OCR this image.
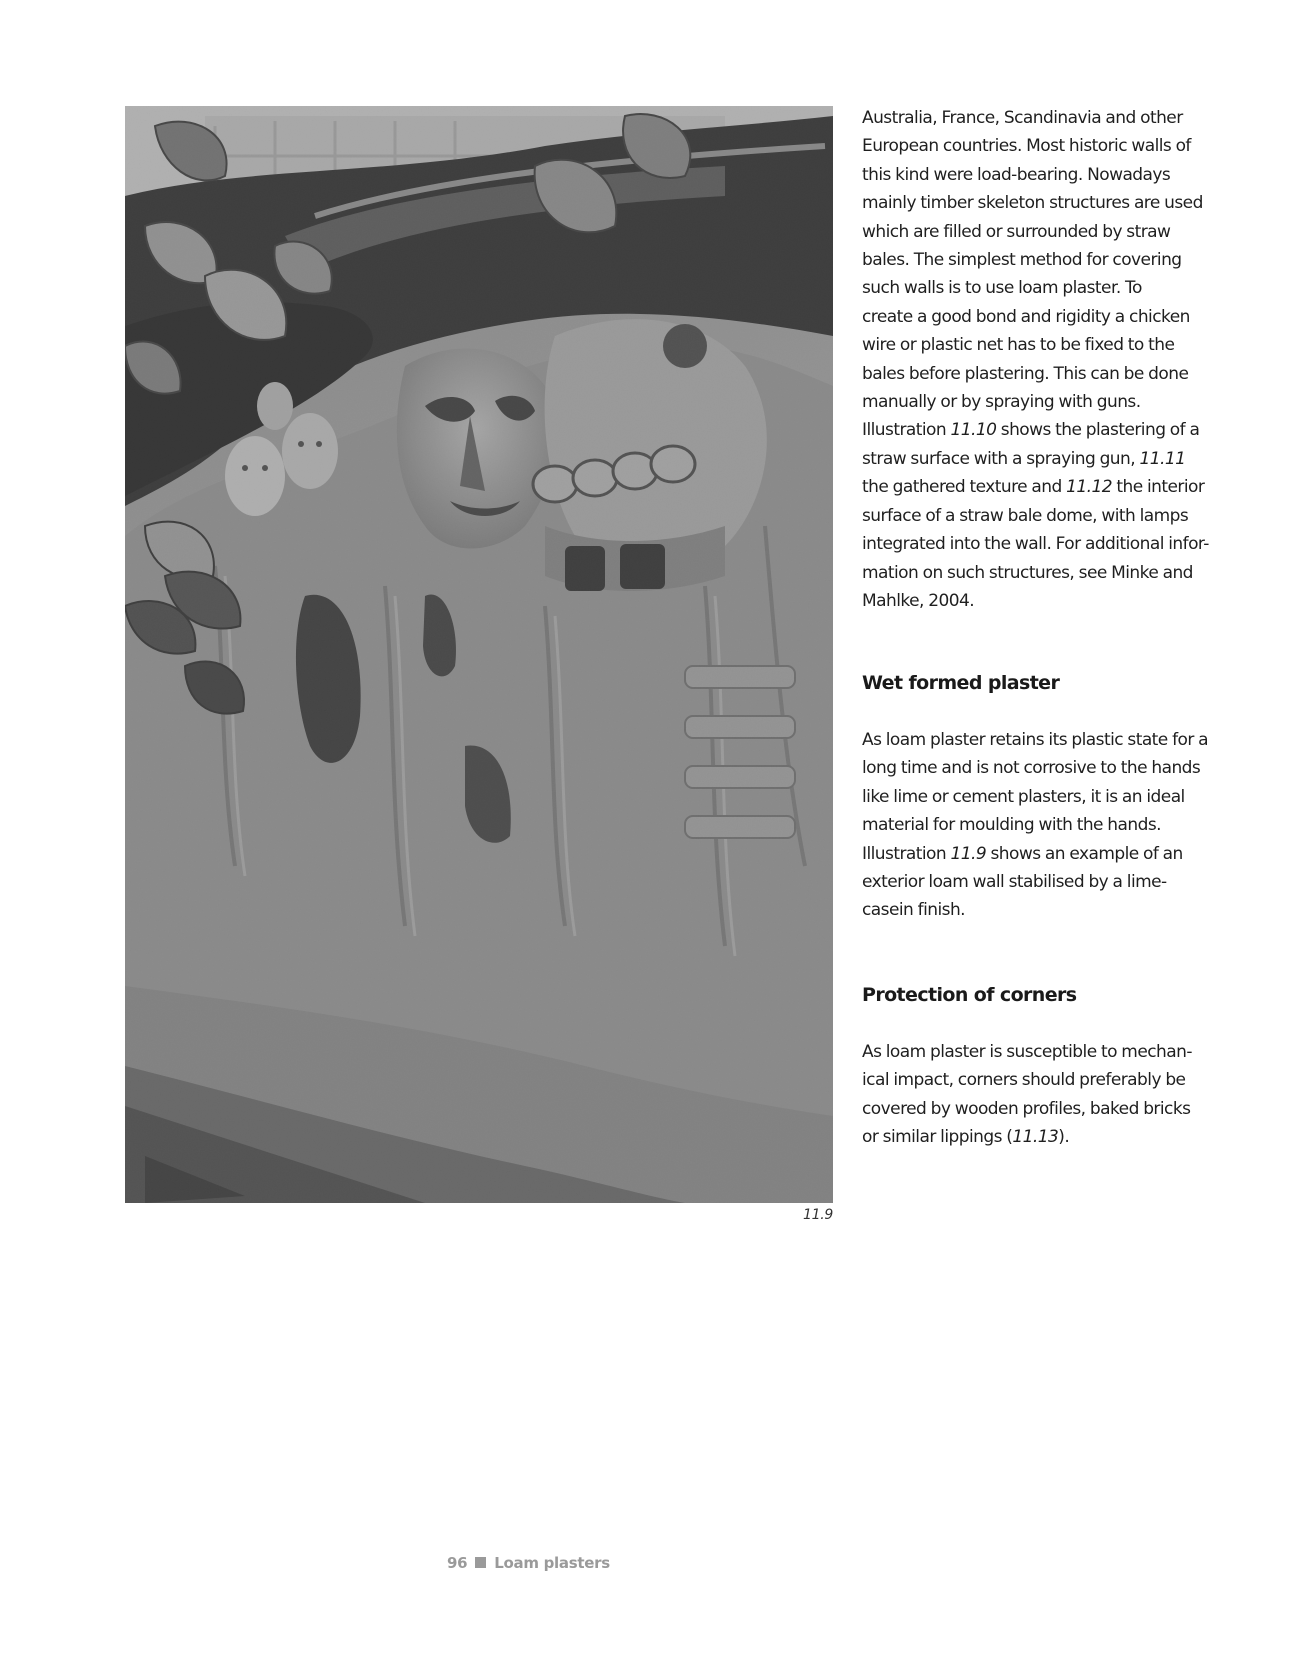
11.9

Australia, France, Scandinavia and other
European countries. Most historic walls of
this kind were load-bearing. Nowadays
mainly timber skeleton structures are used
which are filled or surrounded by straw
bales. The simplest method for covering
such walls is to use loam plaster. To
create a good bond and rigidity a chicken
wire or plastic net has to be fixed to the
bales before plastering. This can be done
manually or by spraying with guns.
Illustration 11.10 shows the plastering of a
straw surface with a spraying gun, 11.11
the gathered texture and 11.12 the interior
surface of a straw bale dome, with lamps
integrated into the wall. For additional infor-
mation on such structures, see Minke and
Mahlke, 2004.

Wet formed plaster

As loam plaster retains its plastic state for a
long time and is not corrosive to the hands
like lime or cement plasters, it is an ideal
material for moulding with the hands.
Illustration 11.9 shows an example of an
exterior loam wall stabilised by a lime-
casein finish.

Protection of corners

As loam plaster is susceptible to mechan-
ical impact, corners should preferably be
covered by wooden profiles, baked bricks
or similar lippings (11.13).

96 Loam plasters
